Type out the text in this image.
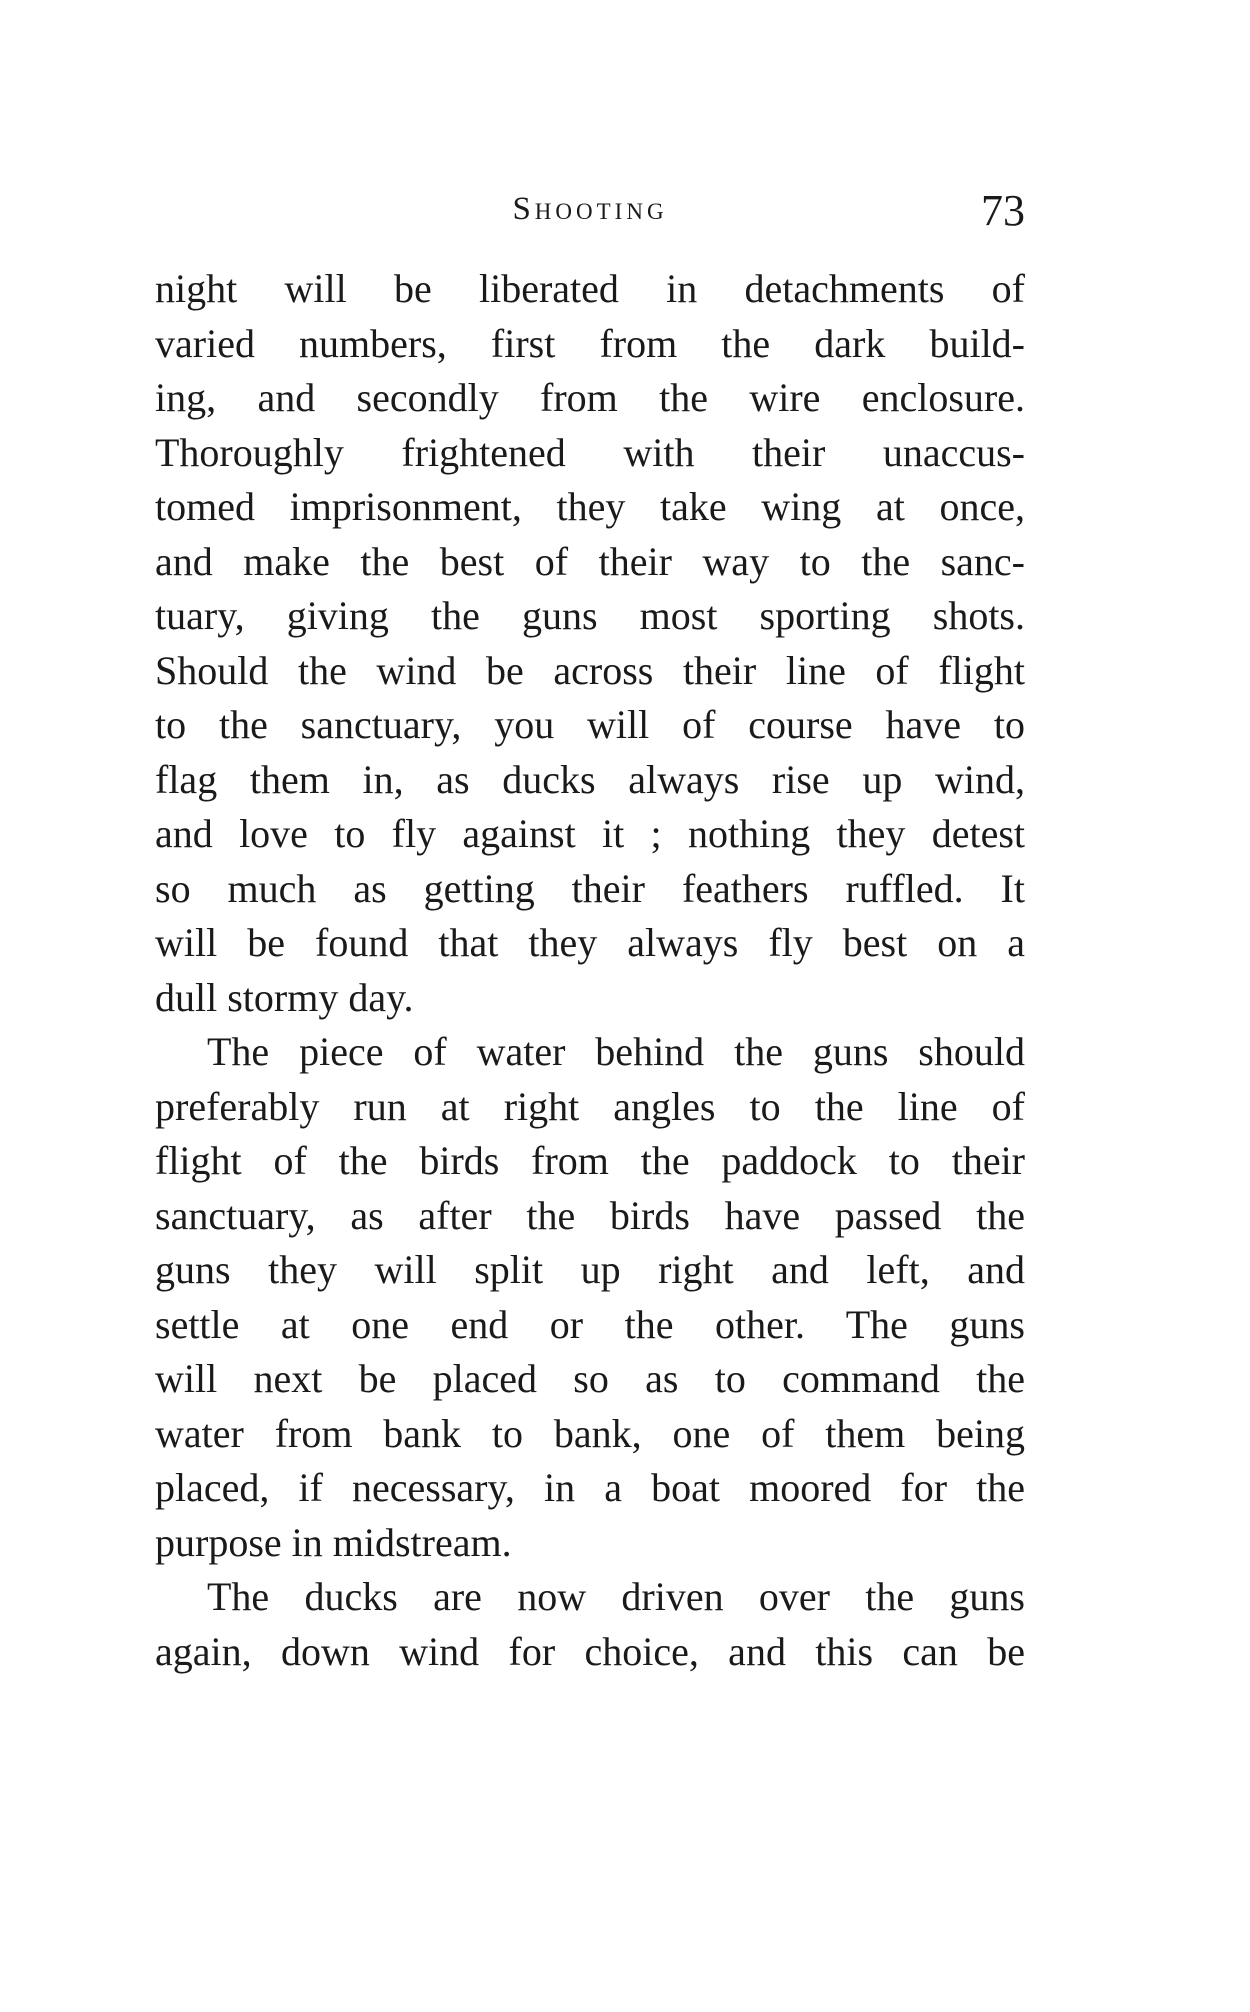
Shooting	73
night will be liberated in detachments of
varied numbers, first from the dark build-
ing, and secondly from the wire enclosure.
Thoroughly frightened with their unaccus-
tomed imprisonment, they take wing at once,
and make the best of their way to the sanc-
tuary, giving the guns most sporting shots.
Should the wind be across their line of flight
to the sanctuary, you will of course have to
flag them in, as ducks always rise up wind,
and love to fly against it ; nothing they detest
so much as getting their feathers ruffled. It
will be found that they always fly best on a
dull stormy day.
The piece of water behind the guns should
preferably run at right angles to the line of
flight of the birds from the paddock to their
sanctuary, as after the birds have passed the
guns they will split up right and left, and
settle at one end or the other. The guns
will next be placed so as to command the
water from bank to bank, one of them being
placed, if necessary, in a boat moored for the
purpose in midstream.
The ducks are now driven over the guns
again, down wind for choice, and this can be
